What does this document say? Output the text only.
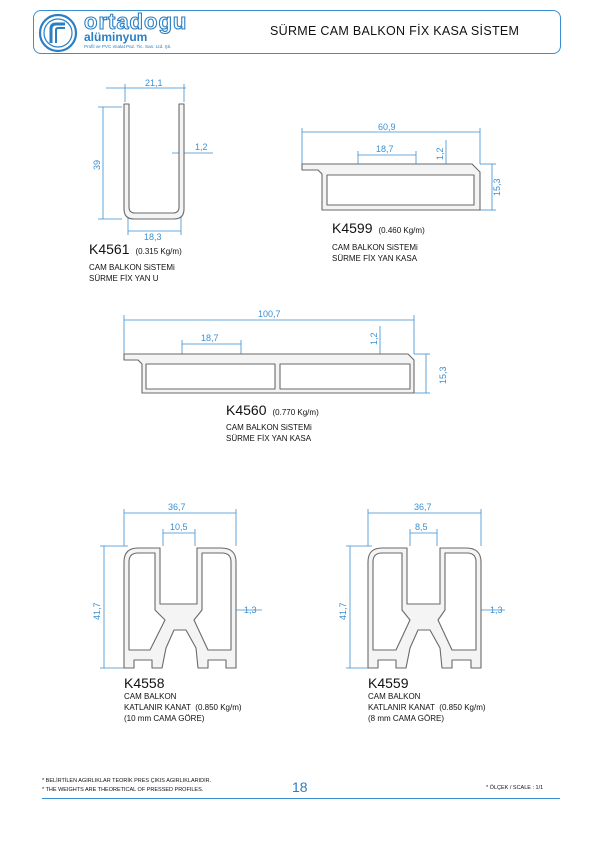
ortadogu
alüminyum
Profil ve PVC imalat Paz. Tic. San. Ltd. Şti.
SÜRME CAM BALKON FİX KASA SİSTEM
21,1
39
1,2
18,3
60,9
18,7	1,2
15,3
100,7
18,7	1,2
15,3
36,7
10,5
41,7	1,3
36,7
8,5
41,7	1,3
K4561 (0.315 Kg/m)
CAM BALKON SiSTEMi
SÜRME FİX YAN U
K4599 (0.460 Kg/m)
CAM BALKON SiSTEMi
SÜRME FİX YAN KASA
K4560 (0.770 Kg/m)
CAM BALKON SiSTEMi
SÜRME FİX YAN KASA
K4558
CAM BALKON
KATLANIR KANAT (0.850 Kg/m)
(10 mm CAMA GÖRE)
K4559
CAM BALKON
KATLANIR KANAT (0.850 Kg/m)
(8 mm CAMA GÖRE)
* BELİRTİLEN AGIRLIKLAR TEORİK PRES ÇIKIS AGIRLIKLARIDIR.
* THE WEIGHTS ARE THEORETICAL OF PRESSED PROFILES.	18	* ÖLÇEK / SCALE : 1/1
